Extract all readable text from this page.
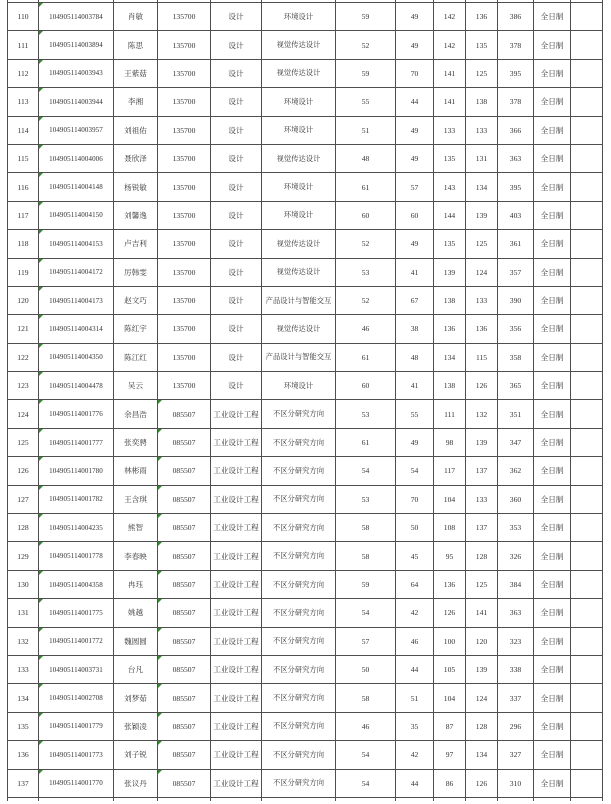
110	104905114003784	肖敏	135700	设计	环境设计	59	49	142	136	386	全日制	
111	104905114003894	陈思	135700	设计	视觉传达设计	52	49	142	135	378	全日制	
112	104905114003943	王紫菇	135700	设计	视觉传达设计	59	70	141	125	395	全日制	
113	104905114003944	李湘	135700	设计	环境设计	55	44	141	138	378	全日制	
114	104905114003957	刘祖佑	135700	设计	环境设计	51	49	133	133	366	全日制	
115	104905114004006	聂欣泽	135700	设计	视觉传达设计	48	49	135	131	363	全日制	
116	104905114004148	杨锐敏	135700	设计	环境设计	61	57	143	134	395	全日制	
117	104905114004150	刘馨逸	135700	设计	环境设计	60	60	144	139	403	全日制	
118	104905114004153	卢吉利	135700	设计	视觉传达设计	52	49	135	125	361	全日制	
119	104905114004172	厉韩雯	135700	设计	视觉传达设计	53	41	139	124	357	全日制	
120	104905114004173	赵文巧	135700	设计	产品设计与智能交互	52	67	138	133	390	全日制	
121	104905114004314	陈红宇	135700	设计	视觉传达设计	46	38	136	136	356	全日制	
122	104905114004350	陈江红	135700	设计	产品设计与智能交互	61	48	134	115	358	全日制	
123	104905114004478	吴云	135700	设计	环境设计	60	41	138	126	365	全日制	
124	104905114001776	余昌浩	085507	工业设计工程	不区分研究方向	53	55	111	132	351	全日制	
125	104905114001777	张奕骋	085507	工业设计工程	不区分研究方向	61	49	98	139	347	全日制	
126	104905114001780	林彬雨	085507	工业设计工程	不区分研究方向	54	54	117	137	362	全日制	
127	104905114001782	王含琪	085507	工业设计工程	不区分研究方向	53	70	104	133	360	全日制	
128	104905114004235	熊智	085507	工业设计工程	不区分研究方向	58	50	108	137	353	全日制	
129	104905114001778	李春映	085507	工业设计工程	不区分研究方向	58	45	95	128	326	全日制	
130	104905114004358	冉珏	085507	工业设计工程	不区分研究方向	59	64	136	125	384	全日制	
131	104905114001775	姚越	085507	工业设计工程	不区分研究方向	54	42	126	141	363	全日制	
132	104905114001772	魏圆圆	085507	工业设计工程	不区分研究方向	57	46	100	120	323	全日制	
133	104905114003731	台凡	085507	工业设计工程	不区分研究方向	50	44	105	139	338	全日制	
134	104905114002708	刘梦茹	085507	工业设计工程	不区分研究方向	58	51	104	124	337	全日制	
135	104905114001779	张颖凌	085507	工业设计工程	不区分研究方向	46	35	87	128	296	全日制	
136	104905114001773	刘子锐	085507	工业设计工程	不区分研究方向	54	42	97	134	327	全日制	
137	104905114001770	张议丹	085507	工业设计工程	不区分研究方向	54	44	86	126	310	全日制	
